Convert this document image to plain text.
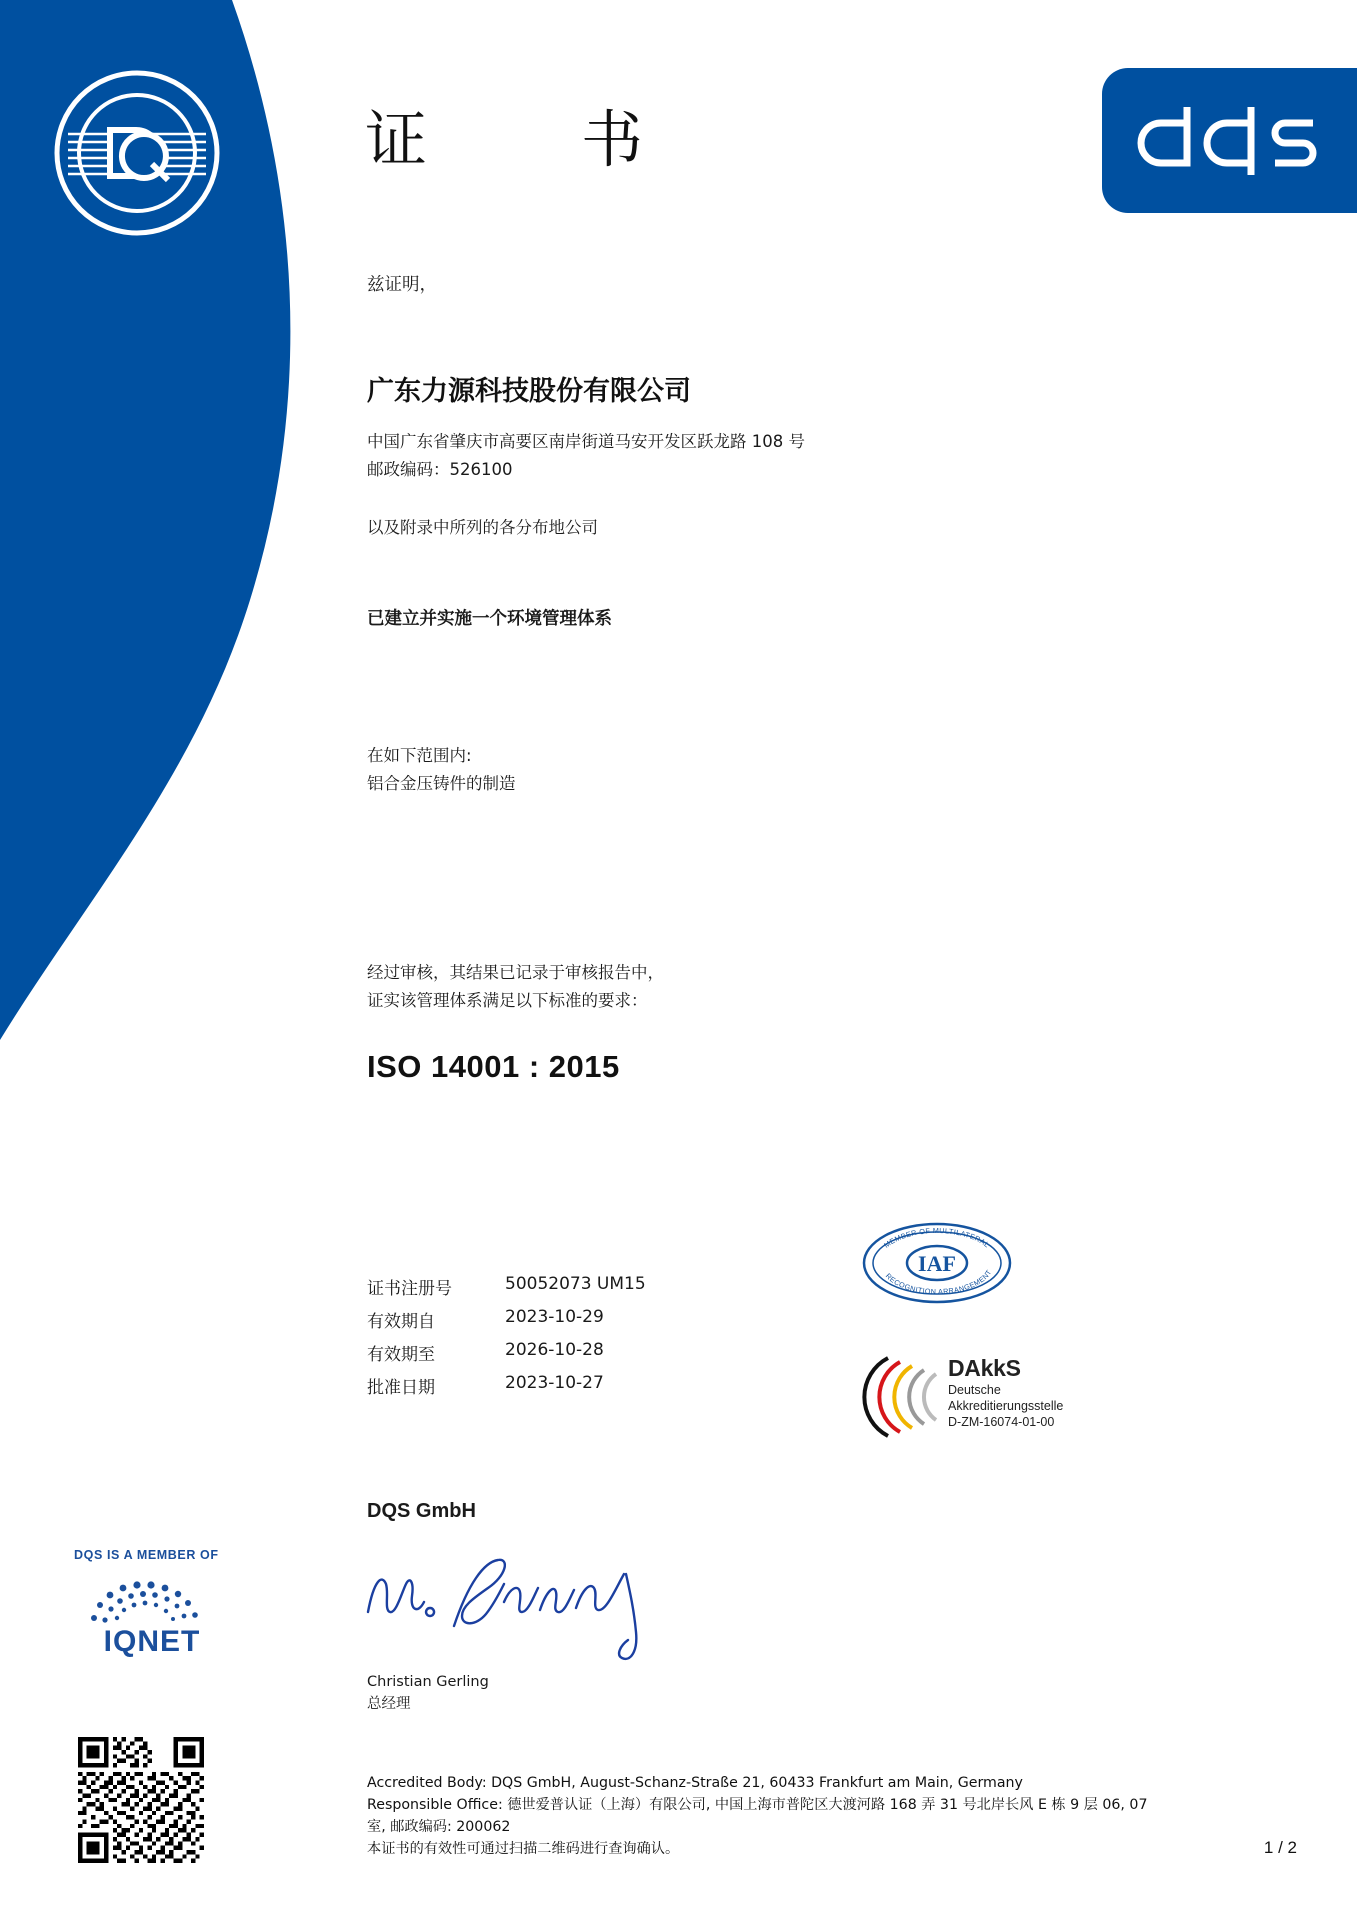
证　书
兹证明，
广东力源科技股份有限公司
中国广东省肇庆市高要区南岸街道马安开发区跃龙路 108 号
邮政编码：526100
以及附录中所列的各分布地公司
已建立并实施一个环境管理体系
在如下范围内:
铝合金压铸件的制造
经过审核，其结果已记录于审核报告中，
证实该管理体系满足以下标准的要求：
ISO 14001 : 2015
证书注册号	50052073 UM15
有效期自	2023-10-29
有效期至	2026-10-28
批准日期	2023-10-27
IAF
MEMBER OF MULTILATERAL
RECOGNITION ARRANGEMENT
DAkkS
Deutsche
Akkreditierungsstelle
D-ZM-16074-01-00
DQS GmbH
Christian Gerling
总经理
DQS IS A MEMBER OF
IQNET
Accredited Body: DQS GmbH, August-Schanz-Straße 21, 60433 Frankfurt am Main, Germany
Responsible Office: 德世爱普认证（上海）有限公司, 中国上海市普陀区大渡河路 168 弄 31 号北岸长风 E 栋 9 层 06, 07
室, 邮政编码: 200062
本证书的有效性可通过扫描二维码进行查询确认。	1 / 2
